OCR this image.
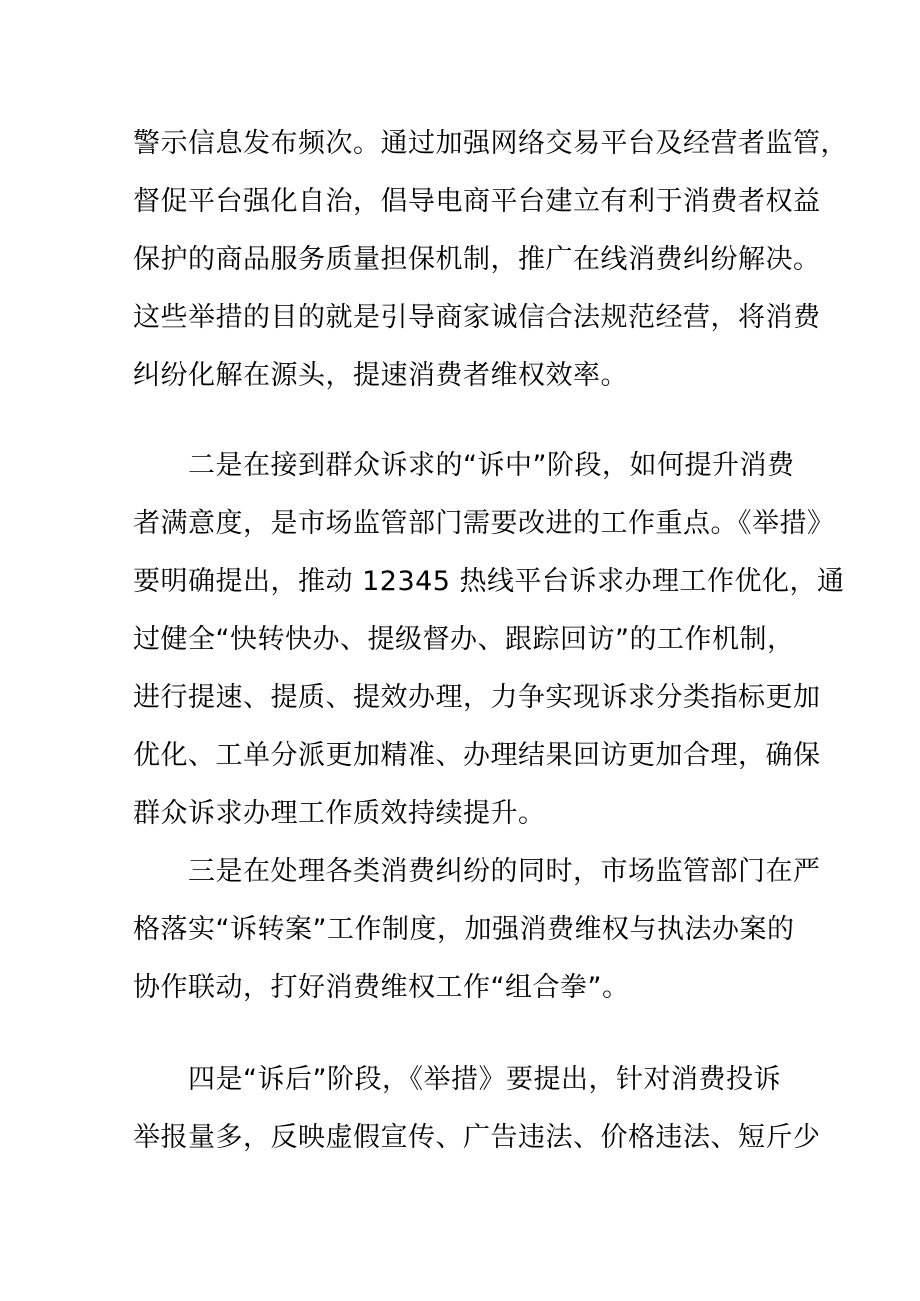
警示信息发布频次。通过加强网络交易平台及经营者监管，
督促平台强化自治，倡导电商平台建立有利于消费者权益
保护的商品服务质量担保机制，推广在线消费纠纷解决。
这些举措的目的就是引导商家诚信合法规范经营，将消费
纠纷化解在源头，提速消费者维权效率。
二是在接到群众诉求的“诉中”阶段，如何提升消费
者满意度，是市场监管部门需要改进的工作重点。《举措》
要明确提出，推动 12345 热线平台诉求办理工作优化，通
过健全“快转快办、提级督办、跟踪回访”的工作机制，
进行提速、提质、提效办理，力争实现诉求分类指标更加
优化、工单分派更加精准、办理结果回访更加合理，确保
群众诉求办理工作质效持续提升。
三是在处理各类消费纠纷的同时，市场监管部门在严
格落实“诉转案”工作制度，加强消费维权与执法办案的
协作联动，打好消费维权工作“组合拳”。
四是“诉后”阶段，《举措》要提出，针对消费投诉
举报量多，反映虚假宣传、广告违法、价格违法、短斤少
